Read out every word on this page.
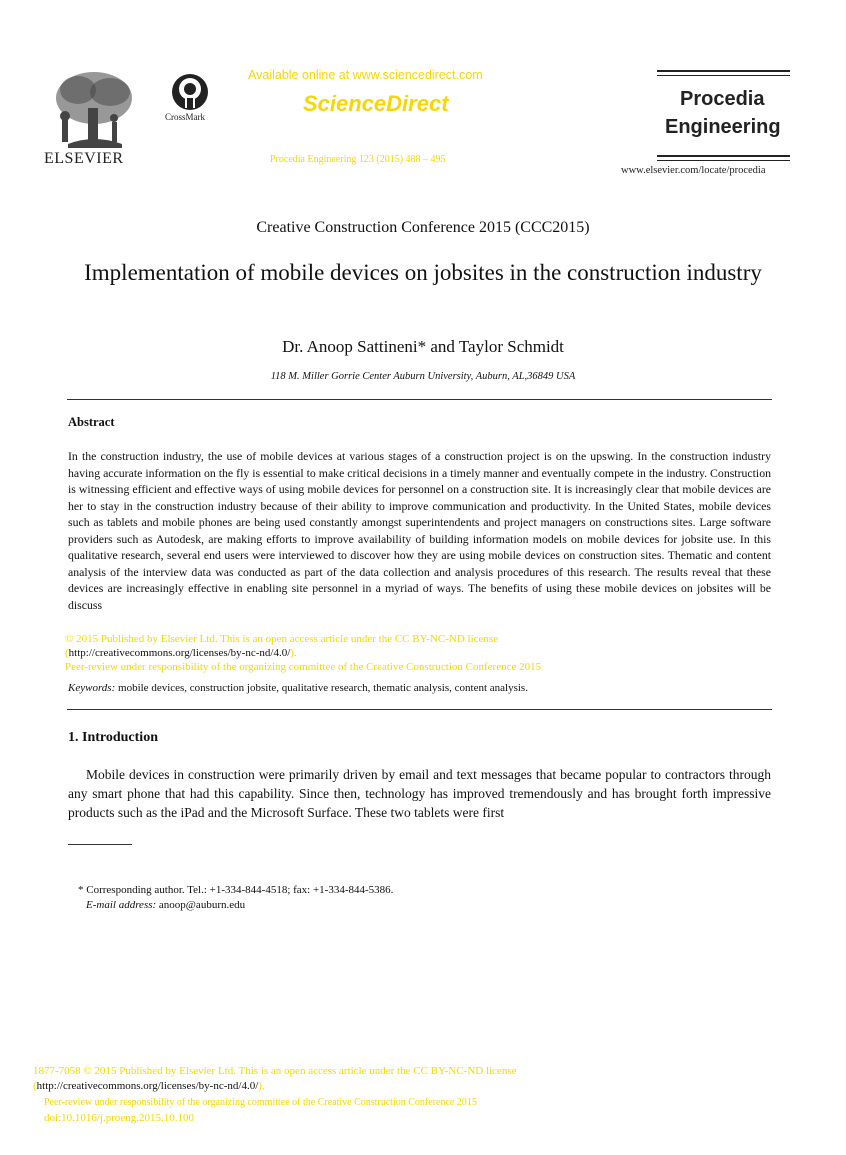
ELSEVIER
CrossMark
Available online at www.sciencedirect.com
ScienceDirect
Procedia Engineering 123 (2015) 488 – 495
Procedia
Engineering
www.elsevier.com/locate/procedia
Creative Construction Conference 2015 (CCC2015)
Implementation of mobile devices on jobsites in the construction industry
Dr. Anoop Sattineni* and Taylor Schmidt
118 M. Miller Gorrie Center Auburn University, Auburn, AL,36849 USA
Abstract
In the construction industry, the use of mobile devices at various stages of a construction project is on the upswing. In the construction industry having accurate information on the fly is essential to make critical decisions in a timely manner and eventually compete in the industry. Construction is witnessing efficient and effective ways of using mobile devices for personnel on a construction site. It is increasingly clear that mobile devices are her to stay in the construction industry because of their ability to improve communication and productivity. In the United States, mobile devices such as tablets and mobile phones are being used constantly amongst superintendents and project managers on constructions sites. Large software providers such as Autodesk, are making efforts to improve availability of building information models on mobile devices for jobsite use. In this qualitative research, several end users were interviewed to discover how they are using mobile devices on construction sites. Thematic and content analysis of the interview data was conducted as part of the data collection and analysis procedures of this research. The results reveal that these devices are increasingly effective in enabling site personnel in a myriad of ways. The benefits of using these mobile devices on jobsites will be discuss
© 2015 Published by Elsevier Ltd. This is an open access article under the CC BY-NC-ND license
(http://creativecommons.org/licenses/by-nc-nd/4.0/).
Peer-review under responsibility of the organizing committee of the Creative Construction Conference 2015
Keywords: mobile devices, construction jobsite, qualitative research, thematic analysis, content analysis.
1. Introduction
Mobile devices in construction were primarily driven by email and text messages that became popular to contractors through any smart phone that had this capability. Since then, technology has improved tremendously and has brought forth impressive products such as the iPad and the Microsoft Surface. These two tablets were first
* Corresponding author. Tel.: +1-334-844-4518; fax: +1-334-844-5386.
E-mail address: anoop@auburn.edu
1877-7058 © 2015 Published by Elsevier Ltd. This is an open access article under the CC BY-NC-ND license
(http://creativecommons.org/licenses/by-nc-nd/4.0/).
Peer-review under responsibility of the organizing committee of the Creative Construction Conference 2015
doi:10.1016/j.proeng.2015.10.100
